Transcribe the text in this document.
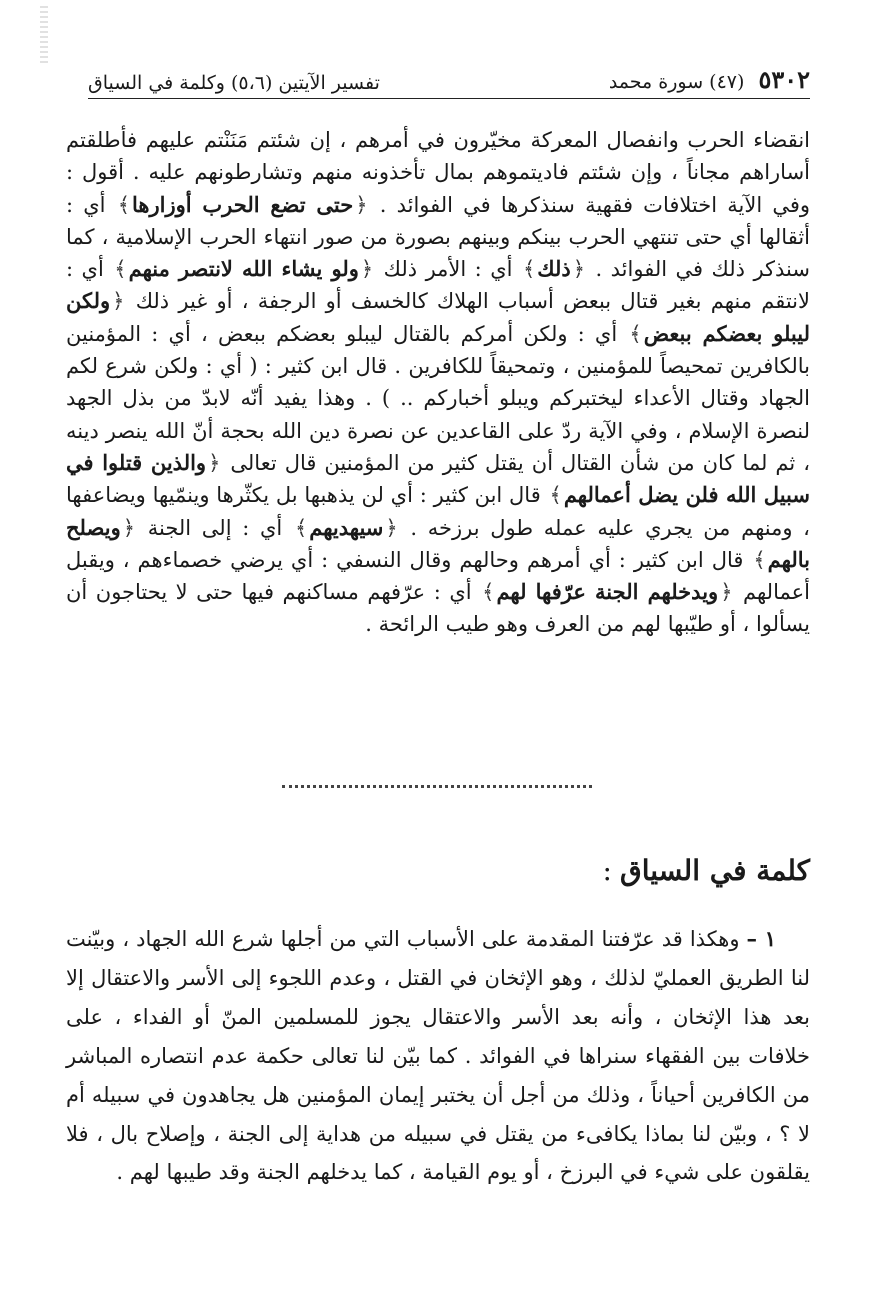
٥٣٠٢
(٤٧) سورة محمد
تفسير الآيتين (٥،٦) وكلمة في السياق

انقضاء الحرب وانفصال المعركة مخيّرون في أمرهم ، إن شئتم مَنَنْتم عليهم فأطلقتم أساراهم مجاناً ، وإن شئتم فاديتموهم بمال تأخذونه منهم وتشارطونهم عليه . أقول : وفي الآية اختلافات فقهية سنذكرها في الفوائد . ﴿حتى تضع الحرب أوزارها﴾ أي : أثقالها أي حتى تنتهي الحرب بينكم وبينهم بصورة من صور انتهاء الحرب الإسلامية ، كما سنذكر ذلك في الفوائد . ﴿ذلك﴾ أي : الأمر ذلك ﴿ولو يشاء الله لانتصر منهم﴾ أي : لانتقم منهم بغير قتال ببعض أسباب الهلاك كالخسف أو الرجفة ، أو غير ذلك ﴿ولكن ليبلو بعضكم ببعض﴾ أي : ولكن أمركم بالقتال ليبلو بعضكم ببعض ، أي : المؤمنين بالكافرين تمحيصاً للمؤمنين ، وتمحيقاً للكافرين . قال ابن كثير : ( أي : ولكن شرع لكم الجهاد وقتال الأعداء ليختبركم ويبلو أخباركم .. ) . وهذا يفيد أنّه لابدّ من بذل الجهد لنصرة الإسلام ، وفي الآية ردّ على القاعدين عن نصرة دين الله بحجة أنّ الله ينصر دينه ، ثم لما كان من شأن القتال أن يقتل كثير من المؤمنين قال تعالى ﴿والذين قتلوا في سبيل الله فلن يضل أعمالهم﴾ قال ابن كثير : أي لن يذهبها بل يكثّرها وينمّيها ويضاعفها ، ومنهم من يجري عليه عمله طول برزخه . ﴿سيهديهم﴾ أي : إلى الجنة ﴿ويصلح بالهم﴾ قال ابن كثير : أي أمرهم وحالهم وقال النسفي : أي يرضي خصماءهم ، ويقبل أعمالهم ﴿ويدخلهم الجنة عرّفها لهم﴾ أي : عرّفهم مساكنهم فيها حتى لا يحتاجون أن يسألوا ، أو طيّبها لهم من العرف وهو طيب الرائحة .

كلمة في السياق:

١ – وهكذا قد عرّفتنا المقدمة على الأسباب التي من أجلها شرع الله الجهاد ، وبيّنت لنا الطريق العمليّ لذلك ، وهو الإثخان في القتل ، وعدم اللجوء إلى الأسر والاعتقال إلا بعد هذا الإثخان ، وأنه بعد الأسر والاعتقال يجوز للمسلمين المنّ أو الفداء ، على خلافات بين الفقهاء سنراها في الفوائد . كما بيّن لنا تعالى حكمة عدم انتصاره المباشر من الكافرين أحياناً ، وذلك من أجل أن يختبر إيمان المؤمنين هل يجاهدون في سبيله أم لا ؟ ، وبيّن لنا بماذا يكافىء من يقتل في سبيله من هداية إلى الجنة ، وإصلاح بال ، فلا يقلقون على شيء في البرزخ ، أو يوم القيامة ، كما يدخلهم الجنة وقد طيبها لهم .
